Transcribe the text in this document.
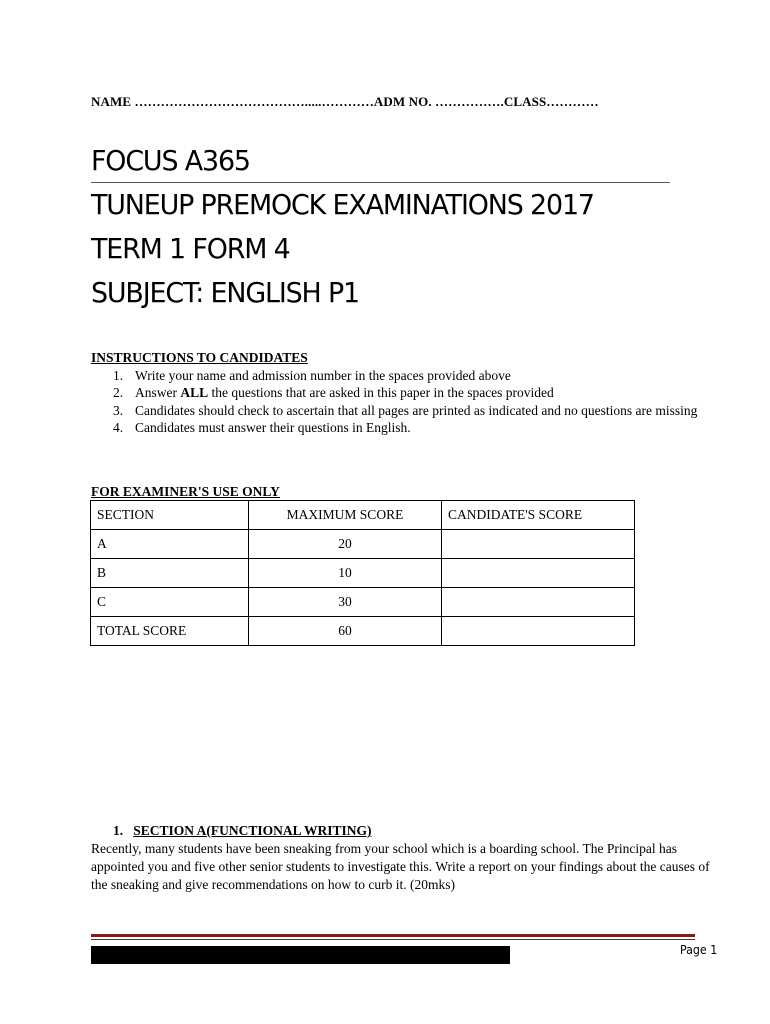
NAME ………………………………….....…………ADM NO. …………….CLASS…………
FOCUS A365
TUNEUP PREMOCK EXAMINATIONS 2017
TERM 1 FORM 4
SUBJECT: ENGLISH P1
INSTRUCTIONS TO CANDIDATES
1. Write your name and admission number in the spaces provided above
2. Answer ALL the questions that are asked in this paper in the spaces provided
3. Candidates should check to ascertain that all pages are printed as indicated and no questions are missing
4. Candidates must answer their questions in English.
FOR EXAMINER'S USE ONLY
SECTION	MAXIMUM SCORE	CANDIDATE'S SCORE
A	20	
B	10	
C	30	
TOTAL SCORE	60	
1. SECTION A(FUNCTIONAL WRITING)
Recently, many students have been sneaking from your school which is a boarding school. The Principal has appointed you and five other senior students to investigate this. Write a report on your findings about the causes of the sneaking and give recommendations on how to curb it. (20mks)
Page 1
